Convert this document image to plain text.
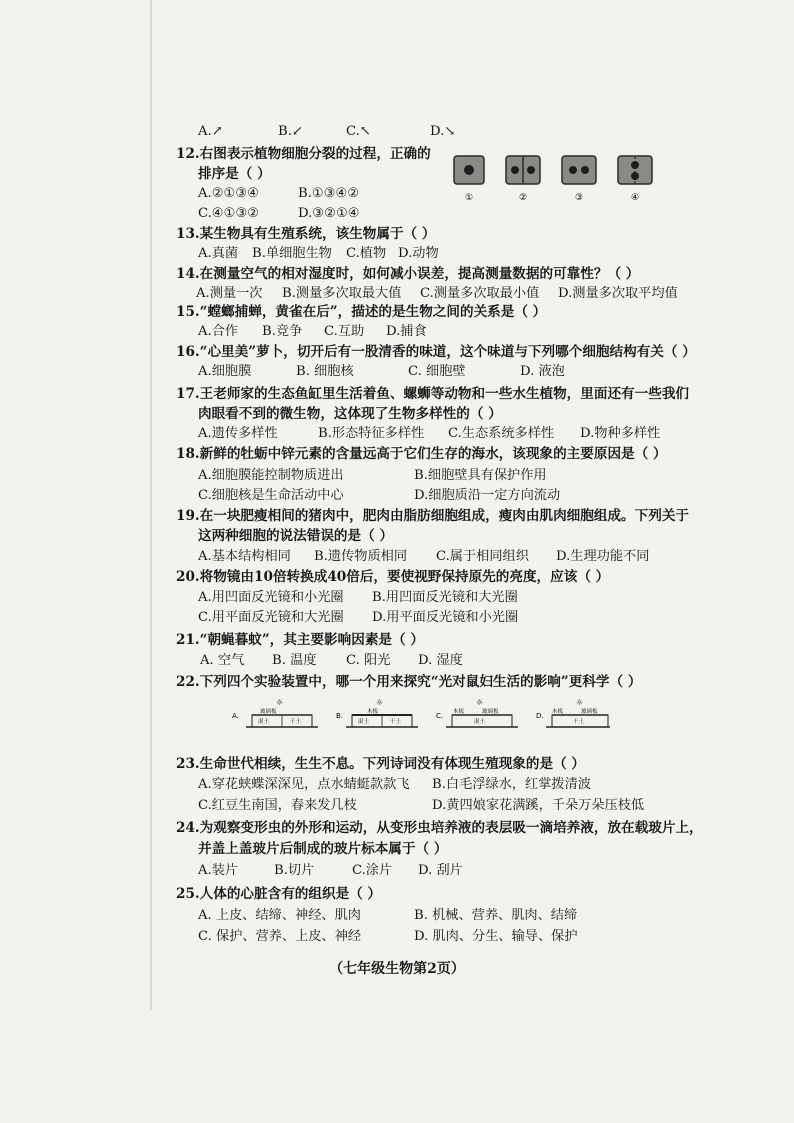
A.↗	B.↙	C.↖	D.↘
12.右图表示植物细胞分裂的过程，正确的
排序是（ ）
A.②①③④	B.①③④②
C.④①③②	D.③②①④
①	②	③	④
13.某生物具有生殖系统，该生物属于（ ）
A.真菌 B.单细胞生物 C.植物 D.动物
14.在测量空气的相对湿度时，如何减小误差，提高测量数据的可靠性？（ ）
A.测量一次 B.测量多次取最大值 C.测量多次取最小值 D.测量多次取平均值
15.“螳螂捕蝉，黄雀在后”，描述的是生物之间的关系是（ ）
A.合作 B.竞争 C.互助 D.捕食
16.“心里美”萝卜，切开后有一股清香的味道，这个味道与下列哪个细胞结构有关（ ）
A.细胞膜	B. 细胞核	C. 细胞壁	D. 液泡
17.王老师家的生态鱼缸里生活着鱼、螺蛳等动物和一些水生植物，里面还有一些我们
肉眼看不到的微生物，这体现了生物多样性的（ ）
A.遗传多样性	B.形态特征多样性 C.生态系统多样性 D.物种多样性
18.新鲜的牡蛎中锌元素的含量远高于它们生存的海水，该现象的主要原因是（ ）
A.细胞膜能控制物质进出	B.细胞壁具有保护作用
C.细胞核是生命活动中心	D.细胞质沿一定方向流动
19.在一块肥瘦相间的猪肉中，肥肉由脂肪细胞组成，瘦肉由肌肉细胞组成。下列关于
这两种细胞的说法错误的是（ ）
A.基本结构相同 B.遗传物质相同 C.属于相同组织 D.生理功能不同
20.将物镜由10倍转换成40倍后，要使视野保持原先的亮度，应该（ ）
A.用凹面反光镜和小光圈 B.用凹面反光镜和大光圈
C.用平面反光镜和大光圈 D.用平面反光镜和小光圈
21.“朝蝇暮蚊”，其主要影响因素是（ ）
A. 空气 B. 温度 C. 阳光 D. 湿度
22.下列四个实验装置中，哪一个用来探究“光对鼠妇生活的影响”更科学（ ）
A.
☼
玻璃板
湿土	干土
B.
☼
木板
湿土	干土
C.
☼
木板	玻璃板
湿土
D.
☼
木板	玻璃板
干土
23.生命世代相续，生生不息。下列诗词没有体现生殖现象的是（ ）
A.穿花蛱蝶深深见，点水蜻蜓款款飞 B.白毛浮绿水，红掌拨清波
C.红豆生南国，春来发几枝	D.黄四娘家花满蹊，千朵万朵压枝低
24.为观察变形虫的外形和运动，从变形虫培养液的表层吸一滴培养液，放在载玻片上，
并盖上盖玻片后制成的玻片标本属于（ ）
A.装片	B.切片	C.涂片 D. 刮片
25.人体的心脏含有的组织是（ ）
A. 上皮、结缔、神经、肌肉	B. 机械、营养、肌肉、结缔
C. 保护、营养、上皮、神经	D. 肌肉、分生、输导、保护
（七年级生物第2页）
